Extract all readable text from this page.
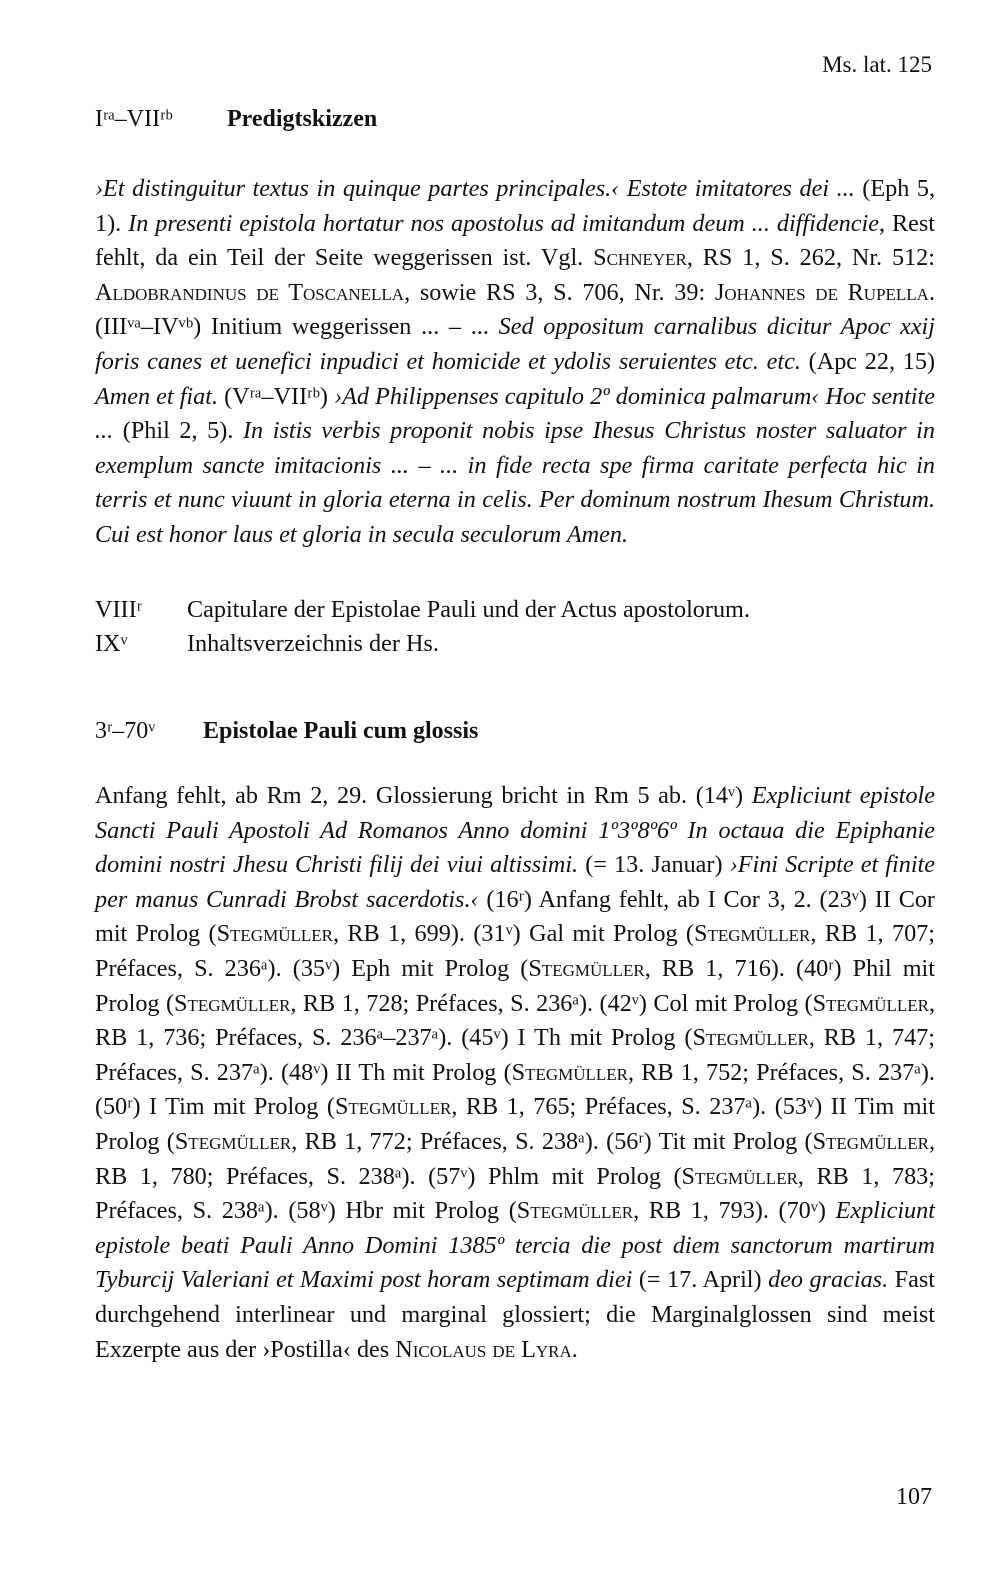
Ms. lat. 125
Iʳᵃ–VIIʳᵇ Predigtskizzen

›Et distinguitur textus in quinque partes principales.‹ Estote imitatores dei ... (Eph 5, 1). In presenti epistola hortatur nos apostolus ad imitandum deum ... diffidencie, Rest fehlt, da ein Teil der Seite weggerissen ist. Vgl. Schneyer, RS 1, S. 262, Nr. 512: Aldobrandinus de Toscanella, sowie RS 3, S. 706, Nr. 39: Johannes de Rupella. (IIIᵛᵃ–IVᵛᵇ) Initium weggerissen ... – ... Sed oppositum carnalibus dicitur Apoc xxij foris canes et uenefici inpudici et homicide et ydolis seruientes etc. etc. (Apc 22, 15) Amen et fiat. (Vʳᵃ–VIIʳᵇ) ›Ad Philippenses capitulo 2º dominica palmarum‹ Hoc sentite ... (Phil 2, 5). In istis verbis proponit nobis ipse Ihesus Christus noster saluator in exemplum sancte imitacionis ... – ... in fide recta spe firma caritate perfecta hic in terris et nunc viuunt in gloria eterna in celis. Per dominum nostrum Ihesum Christum. Cui est honor laus et gloria in secula seculorum Amen.

VIIIʳ Capitulare der Epistolae Pauli und der Actus apostolorum.
IXᵛ Inhaltsverzeichnis der Hs.
3ʳ–70ᵛ Epistolae Pauli cum glossis

Anfang fehlt, ab Rm 2, 29. Glossierung bricht in Rm 5 ab. (14ᵛ) Expliciunt epistole Sancti Pauli Apostoli Ad Romanos Anno domini 1º3º8º6º In octaua die Epiphanie domini nostri Jhesu Christi filij dei viui altissimi. (= 13. Januar) ›Fini Scripte et finite per manus Cunradi Brobst sacerdotis.‹ (16ʳ) Anfang fehlt, ab I Cor 3, 2. (23ᵛ) II Cor mit Prolog (Stegmüller, RB 1, 699). (31ᵛ) Gal mit Prolog (Stegmüller, RB 1, 707; Préfaces, S. 236ᵃ). (35ᵛ) Eph mit Prolog (Stegmüller, RB 1, 716). (40ʳ) Phil mit Prolog (Stegmüller, RB 1, 728; Préfaces, S. 236ᵃ). (42ᵛ) Col mit Prolog (Stegmüller, RB 1, 736; Préfaces, S. 236ᵃ–237ᵃ). (45ᵛ) I Th mit Prolog (Stegmüller, RB 1, 747; Préfaces, S. 237ᵃ). (48ᵛ) II Th mit Prolog (Stegmüller, RB 1, 752; Préfaces, S. 237ᵃ). (50ʳ) I Tim mit Prolog (Stegmüller, RB 1, 765; Préfaces, S. 237ᵃ). (53ᵛ) II Tim mit Prolog (Stegmüller, RB 1, 772; Préfaces, S. 238ᵃ). (56ʳ) Tit mit Prolog (Stegmüller, RB 1, 780; Préfaces, S. 238ᵃ). (57ᵛ) Phlm mit Prolog (Stegmüller, RB 1, 783; Préfaces, S. 238ᵃ). (58ᵛ) Hbr mit Prolog (Stegmüller, RB 1, 793). (70ᵛ) Expliciunt epistole beati Pauli Anno Domini 1385º tercia die post diem sanctorum martirum Tyburcij Valeriani et Maximi post horam septimam diei (= 17. April) deo gracias. Fast durchgehend interlinear und marginal glossiert; die Marginalglossen sind meist Exzerpte aus der ›Postilla‹ des Nicolaus de Lyra.

107
